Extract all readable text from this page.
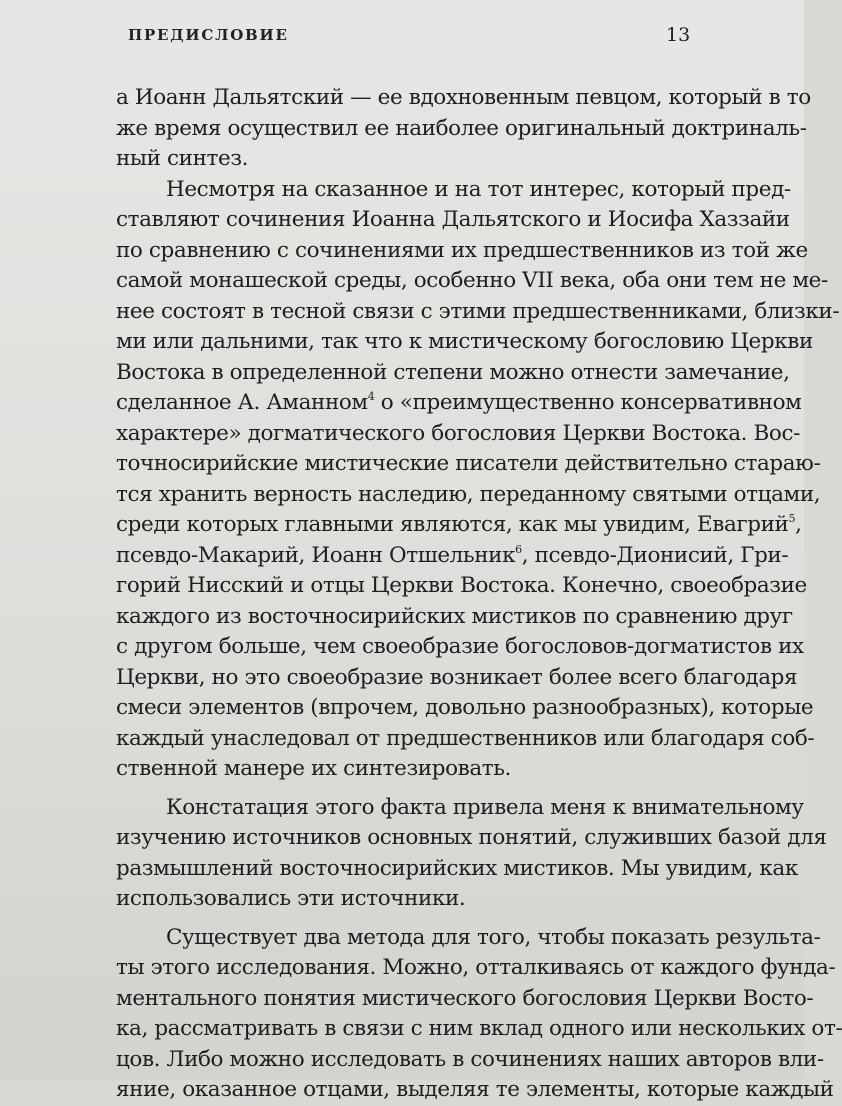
ПРЕДИСЛОВИЕ	13
а Иоанн Дальятский — ее вдохновенным певцом, который в то
же время осуществил ее наиболее оригинальный доктриналь-
ный синтез.
Несмотря на сказанное и на тот интерес, который пред-
ставляют сочинения Иоанна Дальятского и Иосифа Хаззайи
по сравнению с сочинениями их предшественников из той же
самой монашеской среды, особенно VII века, оба они тем не ме-
нее состоят в тесной связи с этими предшественниками, близки-
ми или дальними, так что к мистическому богословию Церкви
Востока в определенной степени можно отнести замечание,
сделанное А. Аманном$^4$ о «преимущественно консервативном
характере» догматического богословия Церкви Востока. Вос-
точносирийские мистические писатели действительно стараю-
тся хранить верность наследию, переданному святыми отцами,
среди которых главными являются, как мы увидим, Евагрий$^5$,
псевдо-Макарий, Иоанн Отшельник$^6$, псевдо-Дионисий, Гри-
горий Нисский и отцы Церкви Востока. Конечно, своеобразие
каждого из восточносирийских мистиков по сравнению друг
с другом больше, чем своеобразие богословов-догматистов их
Церкви, но это своеобразие возникает более всего благодаря
смеси элементов (впрочем, довольно разнообразных), которые
каждый унаследовал от предшественников или благодаря соб-
ственной манере их синтезировать.
Констатация этого факта привела меня к внимательному
изучению источников основных понятий, служивших базой для
размышлений восточносирийских мистиков. Мы увидим, как
использовались эти источники.
Существует два метода для того, чтобы показать результа-
ты этого исследования. Можно, отталкиваясь от каждого фунда-
ментального понятия мистического богословия Церкви Восто-
ка, рассматривать в связи с ним вклад одного или нескольких от-
цов. Либо можно исследовать в сочинениях наших авторов вли-
яние, оказанное отцами, выделяя те элементы, которые каждый
